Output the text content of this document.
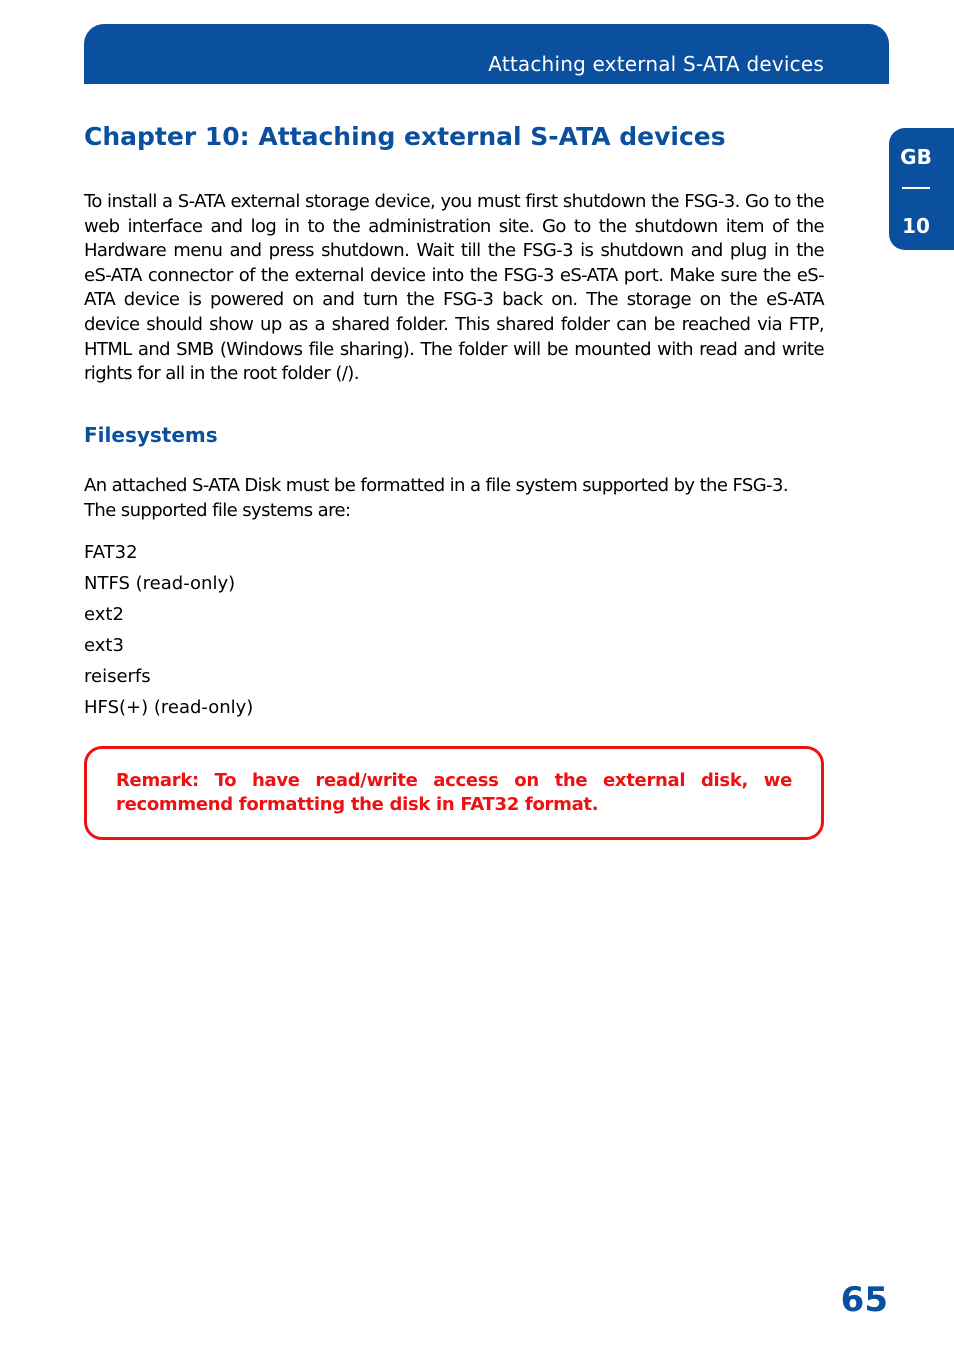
Attaching external S-ATA devices
GB
10
Chapter 10: Attaching external S-ATA devices

To install a S-ATA external storage device, you must first shutdown the FSG-3. Go to the web interface and log in to the administration site. Go to the shutdown item of the Hardware menu and press shutdown. Wait till the FSG-3 is shutdown and plug in the eS-ATA connector of the external device into the FSG-3 eS-ATA port. Make sure the eS-ATA device is powered on and turn the FSG-3 back on. The storage on the eS-ATA device should show up as a shared folder. This shared folder can be reached via FTP, HTML and SMB (Windows file sharing). The folder will be mounted with read and write rights for all in the root folder (/).

Filesystems

An attached S-ATA Disk must be formatted in a file system supported by the FSG-3. The supported file systems are:

FAT32
NTFS (read-only)
ext2
ext3
reiserfs
HFS(+) (read-only)

Remark: To have read/write access on the external disk, we recommend formatting the disk in FAT32 format.

65
